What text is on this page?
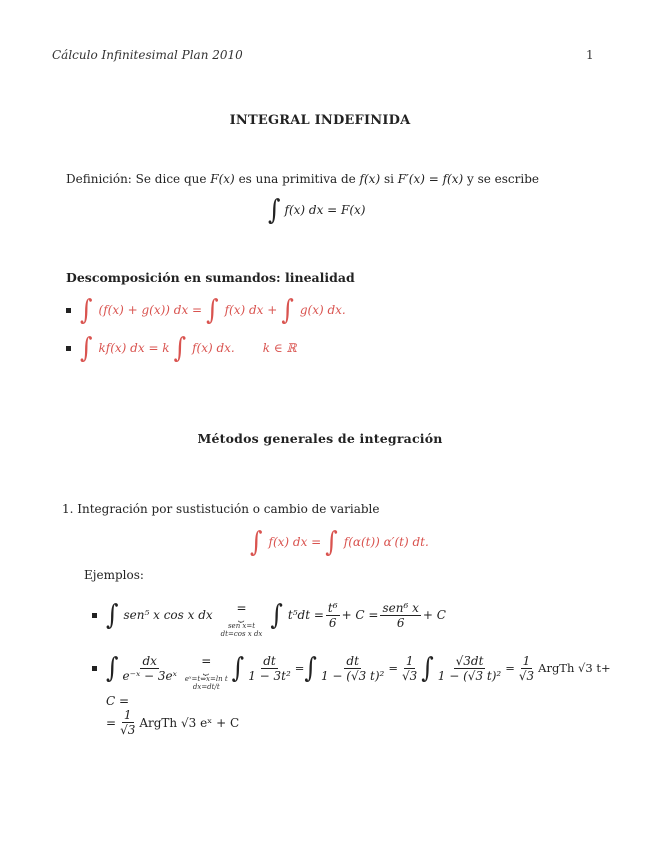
Cálculo Infinitesimal Plan 2010	1
INTEGRAL INDEFINIDA
Definición: Se dice que F(x) es una primitiva de f(x) si F′(x) = f(x) y se escribe
∫ f(x) dx = F(x)
Descomposición en sumandos: linealidad
∫ (f(x) + g(x)) dx = ∫ f(x) dx + ∫ g(x) dx.
∫ kf(x) dx = k ∫ f(x) dx. k ∈ ℝ
Métodos generales de integración
1. Integración por sustistución o cambio de variable
∫ f(x) dx = ∫ f(α(t)) α′(t) dt.
Ejemplos:
∫ sen⁵ x cos x dx =
⏟
sen x=t
dt=cos x dx
∫ $t^5dt = \frac{\text{t⁶}}{6} + C = \frac{\text{sen⁶ x}}{6} + C$
∫ $\frac{dx}{\text{e⁻ˣ − 3eˣ}}$ =
⏟
eˣ=t⇔x=ln t
dx=dt/t
∫ $\frac{dt}{\text{1 − 3t²}}$ = ∫ $\frac{dt}{\text{1 − (√3 t)²}} = \frac{1}{√3}$ ∫ $\frac{√3dt}{\text{1 − (√3 t)²}} = \frac{1}{√3}$ ArgTh √3 t+
C =
= $\frac{1}{√3}$ ArgTh √3 eˣ + C
